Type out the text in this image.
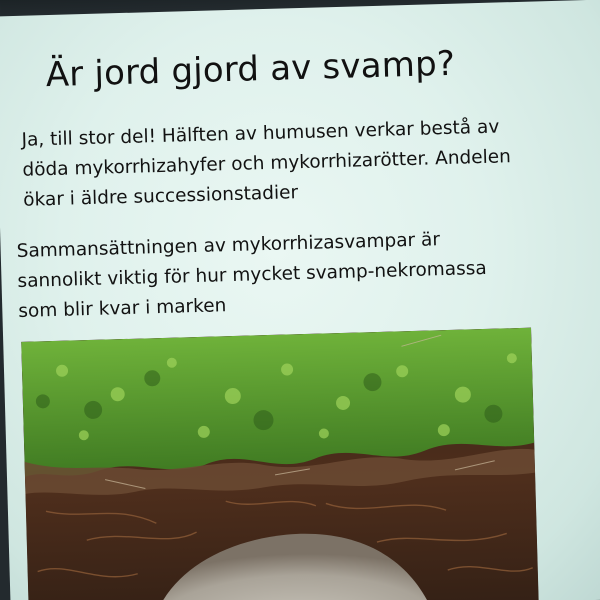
Är jord gjord av svamp?

Ja, till stor del! Hälften av humusen verkar bestå av
döda mykorrhizahyfer och mykorrhizarötter. Andelen
ökar i äldre successionstadier

Sammansättningen av mykorrhizasvampar är
sannolikt viktig för hur mycket svamp-nekromassa
som blir kvar i marken
